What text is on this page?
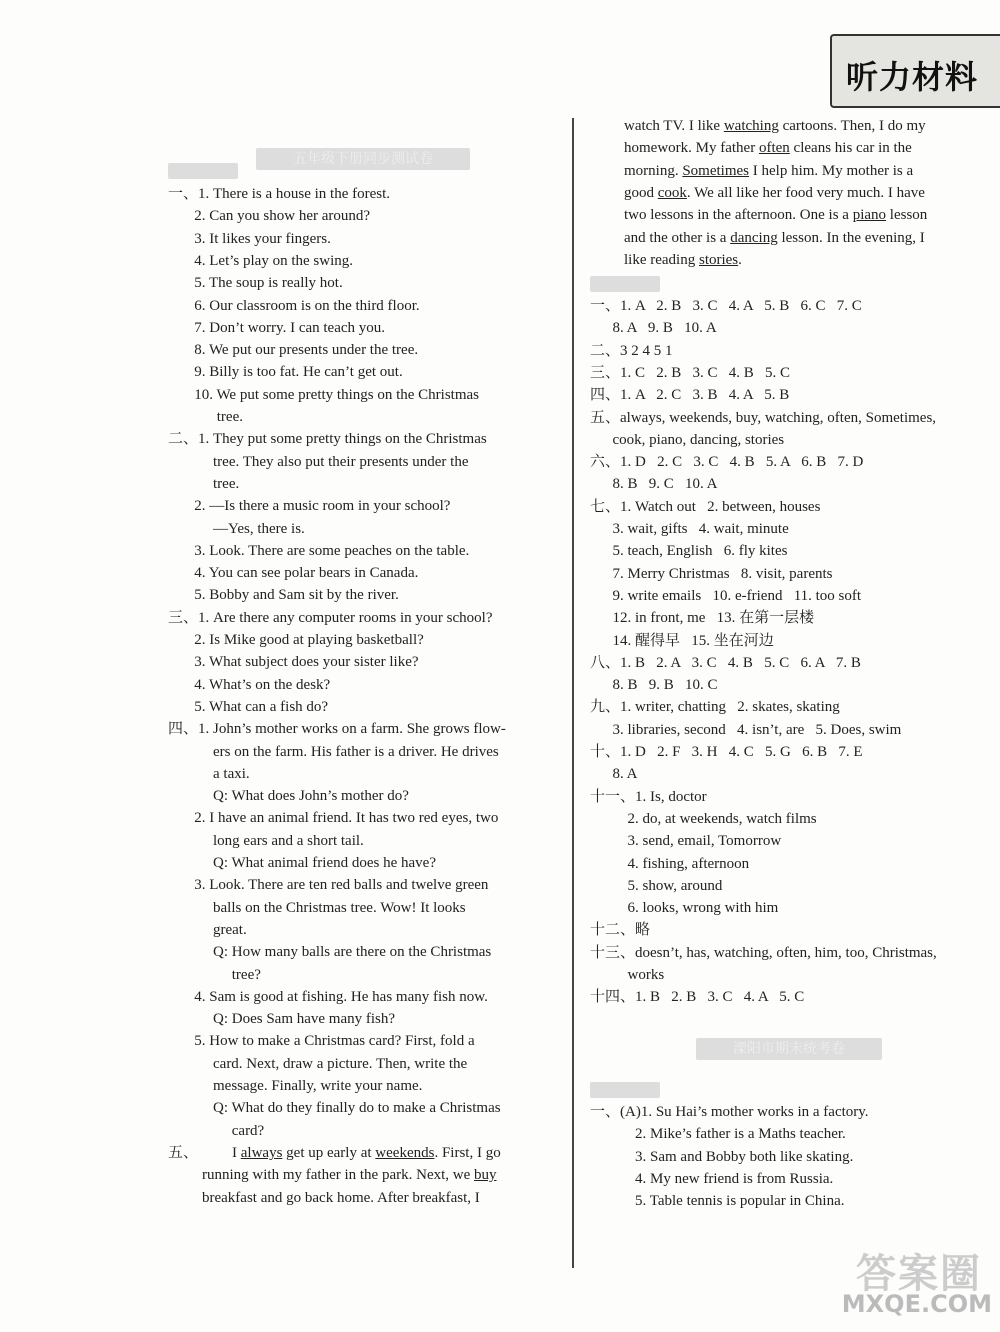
听力材料
五年级下册同步测试卷
一、1. There is a house in the forest.
2. Can you show her around?
3. It likes your fingers.
4. Let’s play on the swing.
5. The soup is really hot.
6. Our classroom is on the third floor.
7. Don’t worry. I can teach you.
8. We put our presents under the tree.
9. Billy is too fat. He can’t get out.
10. We put some pretty things on the Christmas
tree.
二、1. They put some pretty things on the Christmas
tree. They also put their presents under the
tree.
2. —Is there a music room in your school?
—Yes, there is.
3. Look. There are some peaches on the table.
4. You can see polar bears in Canada.
5. Bobby and Sam sit by the river.
三、1. Are there any computer rooms in your school?
2. Is Mike good at playing basketball?
3. What subject does your sister like?
4. What’s on the desk?
5. What can a fish do?
四、1. John’s mother works on a farm. She grows flow-
ers on the farm. His father is a driver. He drives
a taxi.
Q: What does John’s mother do?
2. I have an animal friend. It has two red eyes, two
long ears and a short tail.
Q: What animal friend does he have?
3. Look. There are ten red balls and twelve green
balls on the Christmas tree. Wow! It looks
great.
Q: How many balls are there on the Christmas
tree?
4. Sam is good at fishing. He has many fish now.
Q: Does Sam have many fish?
5. How to make a Christmas card? First, fold a
card. Next, draw a picture. Then, write the
message. Finally, write your name.
Q: What do they finally do to make a Christmas
card?
五、 I always get up early at weekends. First, I go
running with my father in the park. Next, we buy
breakfast and go back home. After breakfast, I
溧阳市期末统考卷
watch TV. I like watching cartoons. Then, I do my
homework. My father often cleans his car in the
morning. Sometimes I help him. My mother is a
good cook. We all like her food very much. I have
two lessons in the afternoon. One is a piano lesson
and the other is a dancing lesson. In the evening, I
like reading stories.
一、1. A   2. B   3. C   4. A   5. B   6. C   7. C
8. A   9. B   10. A
二、3 2 4 5 1
三、1. C   2. B   3. C   4. B   5. C
四、1. A   2. C   3. B   4. A   5. B
五、always, weekends, buy, watching, often, Sometimes,
cook, piano, dancing, stories
六、1. D   2. C   3. C   4. B   5. A   6. B   7. D
8. B   9. C   10. A
七、1. Watch out   2. between, houses
3. wait, gifts   4. wait, minute
5. teach, English   6. fly kites
7. Merry Christmas   8. visit, parents
9. write emails   10. e-friend   11. too soft
12. in front, me   13. 在第一层楼
14. 醒得早   15. 坐在河边
八、1. B   2. A   3. C   4. B   5. C   6. A   7. B
8. B   9. B   10. C
九、1. writer, chatting   2. skates, skating
3. libraries, second   4. isn’t, are   5. Does, swim
十、1. D   2. F   3. H   4. C   5. G   6. B   7. E
8. A
十一、1. Is, doctor
2. do, at weekends, watch films
3. send, email, Tomorrow
4. fishing, afternoon
5. show, around
6. looks, wrong with him
十二、略
十三、doesn’t, has, watching, often, him, too, Christmas,
works
十四、1. B   2. B   3. C   4. A   5. C
一、(A)1. Su Hai’s mother works in a factory.
2. Mike’s father is a Maths teacher.
3. Sam and Bobby both like skating.
4. My new friend is from Russia.
5. Table tennis is popular in China.
答案圈
MXQE.COM
